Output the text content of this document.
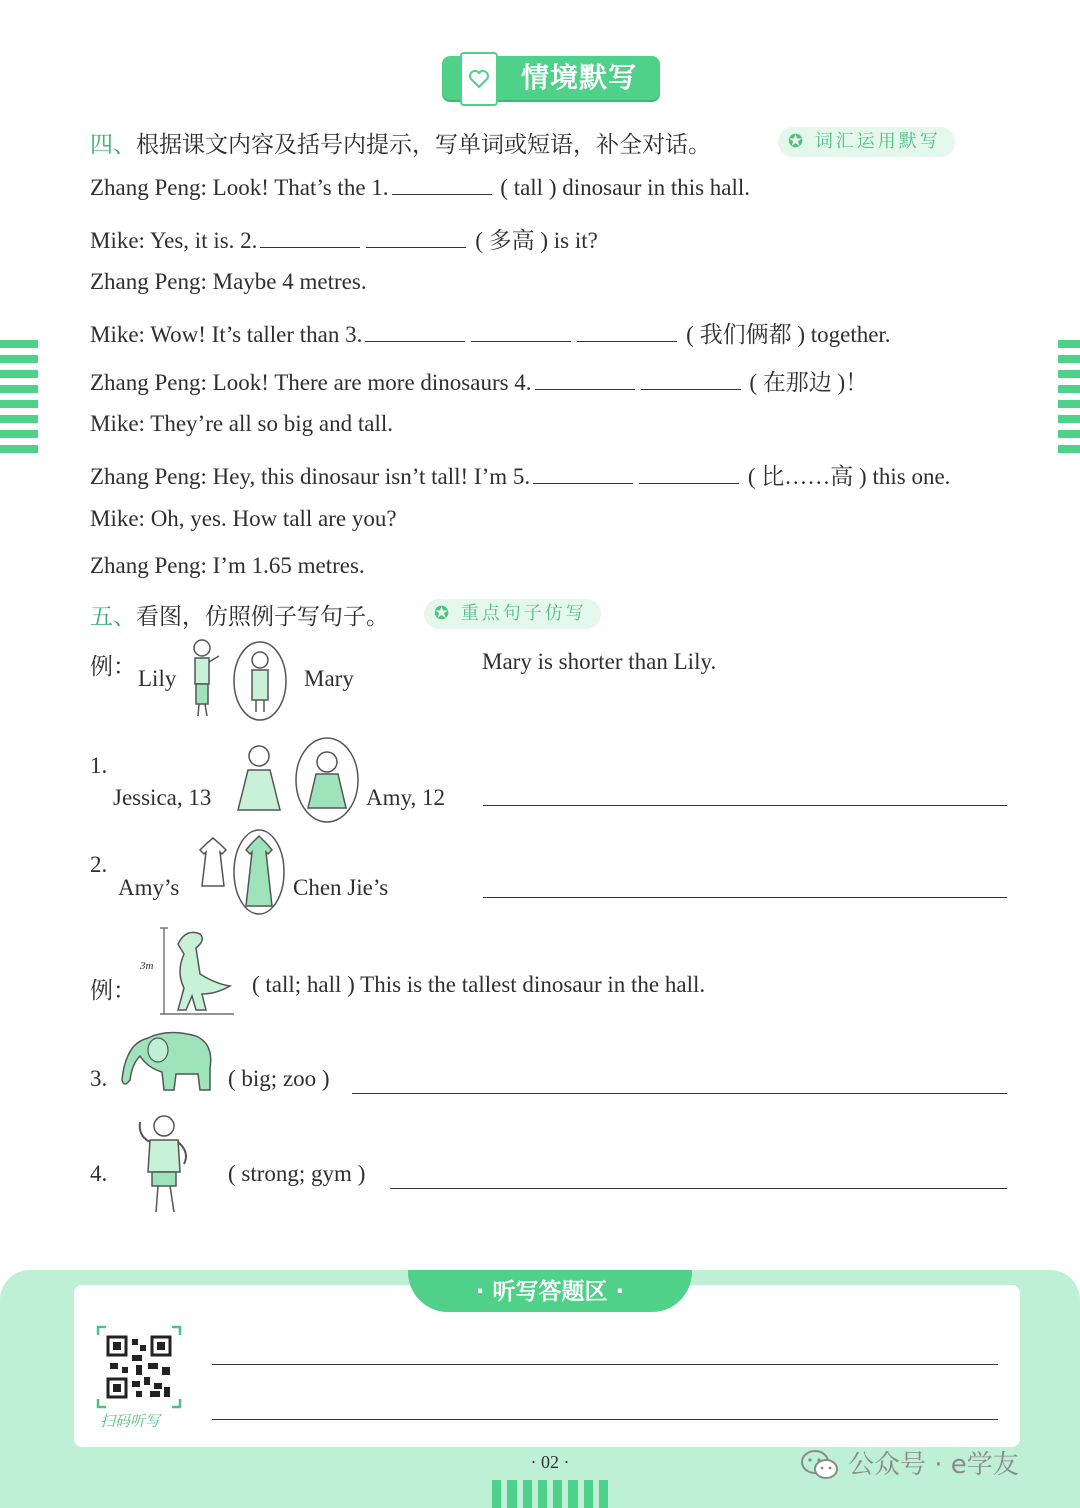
情境默写
四、根据课文内容及括号内提示，写单词或短语，补全对话。	✪ 词汇运用默写
Zhang Peng: Look! That’s the 1.	( tall ) dinosaur in this hall.
Mike: Yes, it is. 2.	( 多高 ) is it?
Zhang Peng: Maybe 4 metres.
Mike: Wow! It’s taller than 3.	( 我们俩都 ) together.
Zhang Peng: Look! There are more dinosaurs 4.	( 在那边 )！
Mike: They’re all so big and tall.
Zhang Peng: Hey, this dinosaur isn’t tall! I’m 5.	( 比……高 ) this one.
Mike: Oh, yes. How tall are you?
Zhang Peng: I’m 1.65 metres.
五、看图，仿照例子写句子。	✪ 重点句子仿写
例： Lily	Mary
Mary is shorter than Lily.
1.
Jessica, 13	Amy, 12
2.
Amy’s	Chen Jie’s
例：
3m
( tall; hall ) This is the tallest dinosaur in the hall.
3.	( big; zoo )
4.	( strong; gym )
· 听写答题区 ·
扫码听写
· 02 ·	公众号 · e学友
